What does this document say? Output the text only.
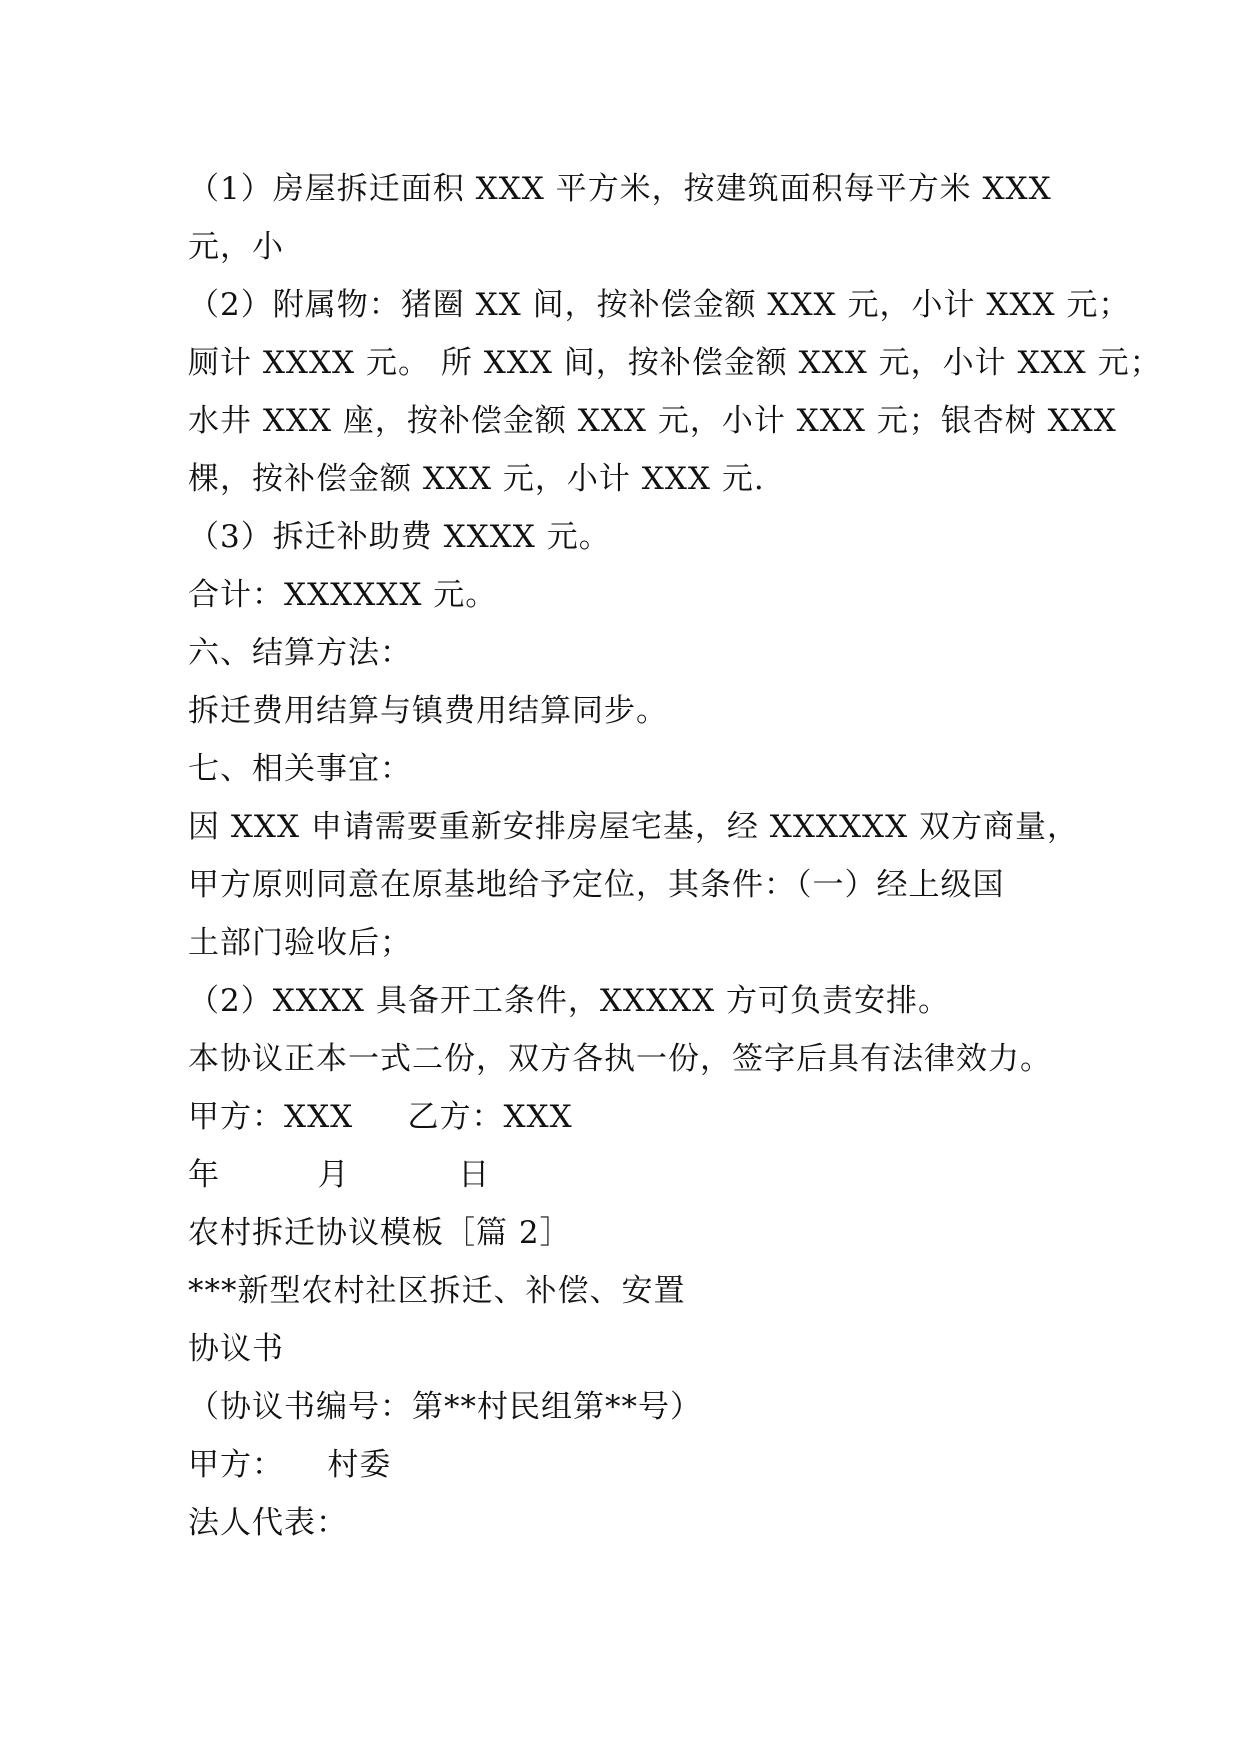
（1）房屋拆迁面积 XXX 平方米，按建筑面积每平方米 XXX
元，小
（2）附属物：猪圈 XX 间，按补偿金额 XXX 元，小计 XXX 元；
厕计 XXXX 元。 所 XXX 间，按补偿金额 XXX 元，小计 XXX 元；
水井 XXX 座，按补偿金额 XXX 元，小计 XXX 元；银杏树 XXX
棵，按补偿金额 XXX 元，小计 XXX 元.
（3）拆迁补助费 XXXX 元。
合计：XXXXXX 元。
六、结算方法：
拆迁费用结算与镇费用结算同步。
七、相关事宜：
因 XXX 申请需要重新安排房屋宅基，经 XXXXXX 双方商量，
甲方原则同意在原基地给予定位，其条件：（一）经上级国
土部门验收后；
（2）XXXX 具备开工条件，XXXXX 方可负责安排。
本协议正本一式二份，双方各执一份，签字后具有法律效力。
甲方：XXX     乙方：XXX
年         月          日
农村拆迁协议模板［篇 2］
***新型农村社区拆迁、补偿、安置
协议书
（协议书编号：第**村民组第**号）
甲方：    村委
法人代表：
